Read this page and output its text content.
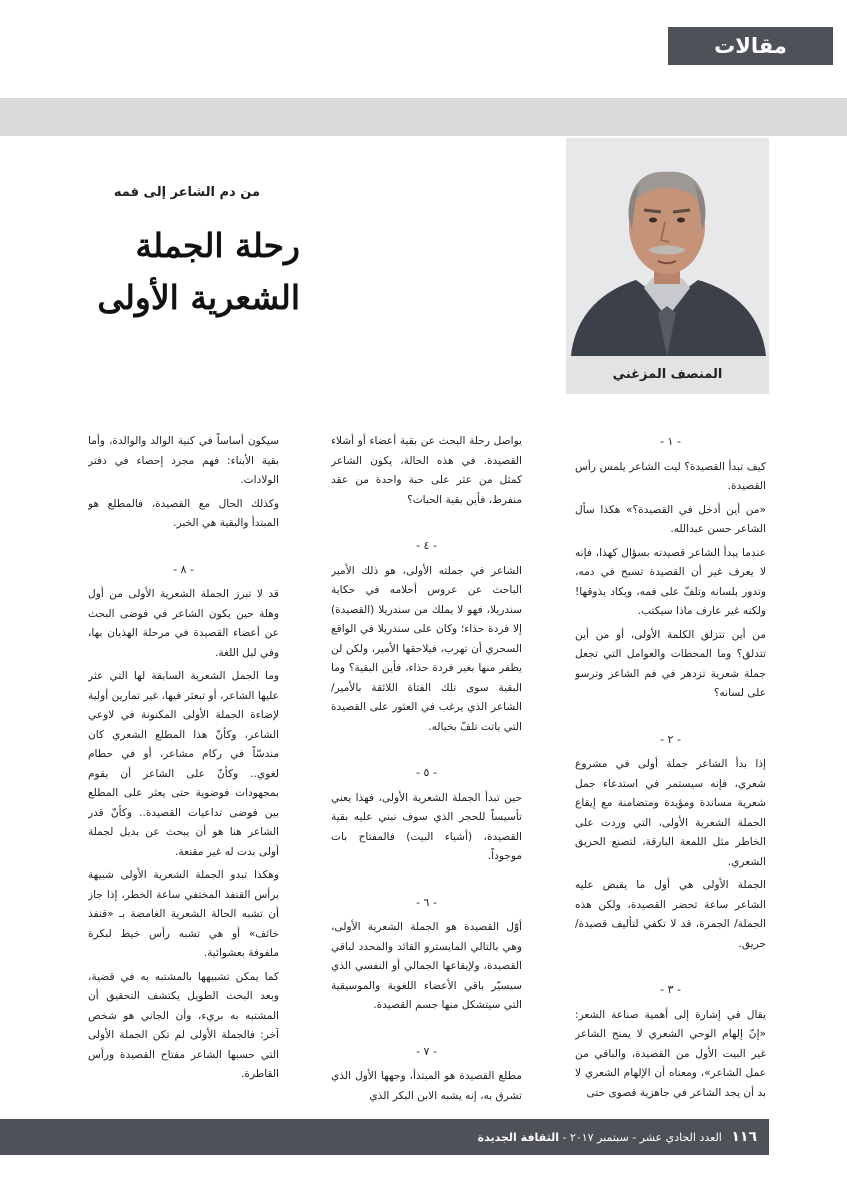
مقالات
المنصف المزغني
من دم الشاعر إلى فمه
رحلة الجملة
الشعرية الأولى
- ١ -

كيف تبدأ القصيدة؟ ليت الشاعر يلمس رأس القصيدة.

«من أين أدخل في القصيدة؟» هكذا سأل الشاعر حسن عبدالله.

عندما يبدأ الشاعر قصيدته بسؤال كهذا، فإنه لا يعرف غير أن القصيدة تسبح في دمه، وتدور بلسانه وتلفّ على فمه، ويكاد يذوقها! ولكنه غير عارف ماذا سيكتب.

من أين تتزلق الكلمة الأولى، أو من أين تتدلق؟ وما المحطات والعوامل التي تجعل جملة شعرية تزدهر في فم الشاعر وترسو على لسانه؟

- ٢ -

إذا بدأ الشاعر جملة أولى في مشروع شعري، فإنه سيستمر في استدعاء جمل شعرية مساندة ومؤيدة ومتضامنة مع إيقاع الجملة الشعرية الأولى، التي وردت على الخاطر مثل اللمعة البارقة، لتصنع الحريق الشعري.

الجملة الأولى هي أول ما يقبض عليه الشاعر ساعة تحضر القصيدة، ولكن هذه الجملة/ الجمرة، قد لا تكفي لتأليف قصيدة/ حريق.

- ٣ -

يقال في إشارة إلى أهمية صناعة الشعر: «إنّ إلهام الوحي الشعري لا يمنح الشاعر غير البيت الأول من القصيدة، والباقي من عمل الشاعر»، ومعناه أن الإلهام الشعري لا بد أن يجد الشاعر في جاهزية قصوى حتى

يواصل رحلة البحث عن بقية أعضاء أو أشلاء القصيدة. في هذه الحالة، يكون الشاعر كمثل من عثر على حبة واحدة من عقد منفرط، فأين بقية الحبات؟

- ٤ -

الشاعر في جملته الأولى، هو ذلك الأمير الباحث عن عروس أحلامه في حكاية سندريلا، فهو لا يملك من سندريلا (القصيدة) إلا فردة حذاء؛ وكان على سندريلا في الواقع السحري أن تهرب، فيلاحقها الأمير، ولكن لن يظفر منها بغير فردة حذاء، فأين البقية؟ وما البقية سوى تلك الفتاة اللائقة بالأمير/ الشاعر الذي يرغب في العثور على القصيدة التي باتت تلفّ بخياله.

- ٥ -

حين تبدأ الجملة الشعرية الأولى، فهذا يعني تأسيساً للحجر الذي سوف نبني عليه بقية القصيدة، (أشياء البيت) فالمفتاح بات موجوداً.

- ٦ -

أوّل القصيدة هو الجملة الشعرية الأولى، وهي بالتالي المايسترو القائد والمحدد لباقي القصيدة، ولإيقاعها الجمالي أو النفسي الذي سيسيّر باقي الأعضاء اللغوية والموسيقية التي سيتشكل منها جسم القصيدة.

- ٧ -

مطلع القصيدة هو المبتدأ، وجهها الأول الذي تشرق به، إنه يشبه الابن البكر الذي

سيكون أساساً في كنية الوالد والوالدة، وأما بقية الأبناء: فهم مجرد إحصاء في دفتر الولادات.

وكذلك الحال مع القصيدة، فالمطلع هو المبتدأ والبقية هي الخبر.

- ٨ -

قد لا تبرز الجملة الشعرية الأولى من أول وهلة حين يكون الشاعر في فوضى البحث عن أعضاء القصيدة في مرحلة الهذيان بها، وفي ليل اللغة.

وما الجمل الشعرية السابقة لها التي عثر عليها الشاعر، أو تبعثر فيها، غير تمارين أولية لإضاءة الجملة الأولى المكنونة في لاوعي الشاعر، وكأنّ هذا المطلع الشعري كان مندسّاً في ركام مشاعر، أو في حطام لغوي.. وكأنّ على الشاعر أن يقوم بمجهودات فوضوية حتى يعثر على المطلع بين فوضى تداعيات القصيدة.. وكأنّ قدر الشاعر هنا هو أن يبحث عن بديل لجملة أولى بدت له غير مقنعة.

وهكذا تبدو الجملة الشعرية الأولى شبيهة برأس القنفذ المختفي ساعة الخطر، إذا جاز أن تشبه الحالة الشعرية الغامضة بـ «قنفذ خائف» أو هي تشبه رأس خيط لبكرة ملفوفة بعشوائية.

كما يمكن تشبيهها بالمشتبه به في قضية، وبعد البحث الطويل يكتشف التحقيق أن المشتبه به بريء، وأن الجاني هو شخص آخر: فالجملة الأولى لم تكن الجملة الأولى التي حسبها الشاعر مفتاح القصيدة ورأس القاطرة.

١١٦ العدد الحادي عشر - سبتمبر ٢٠١٧ - الثقافة الجديدة
